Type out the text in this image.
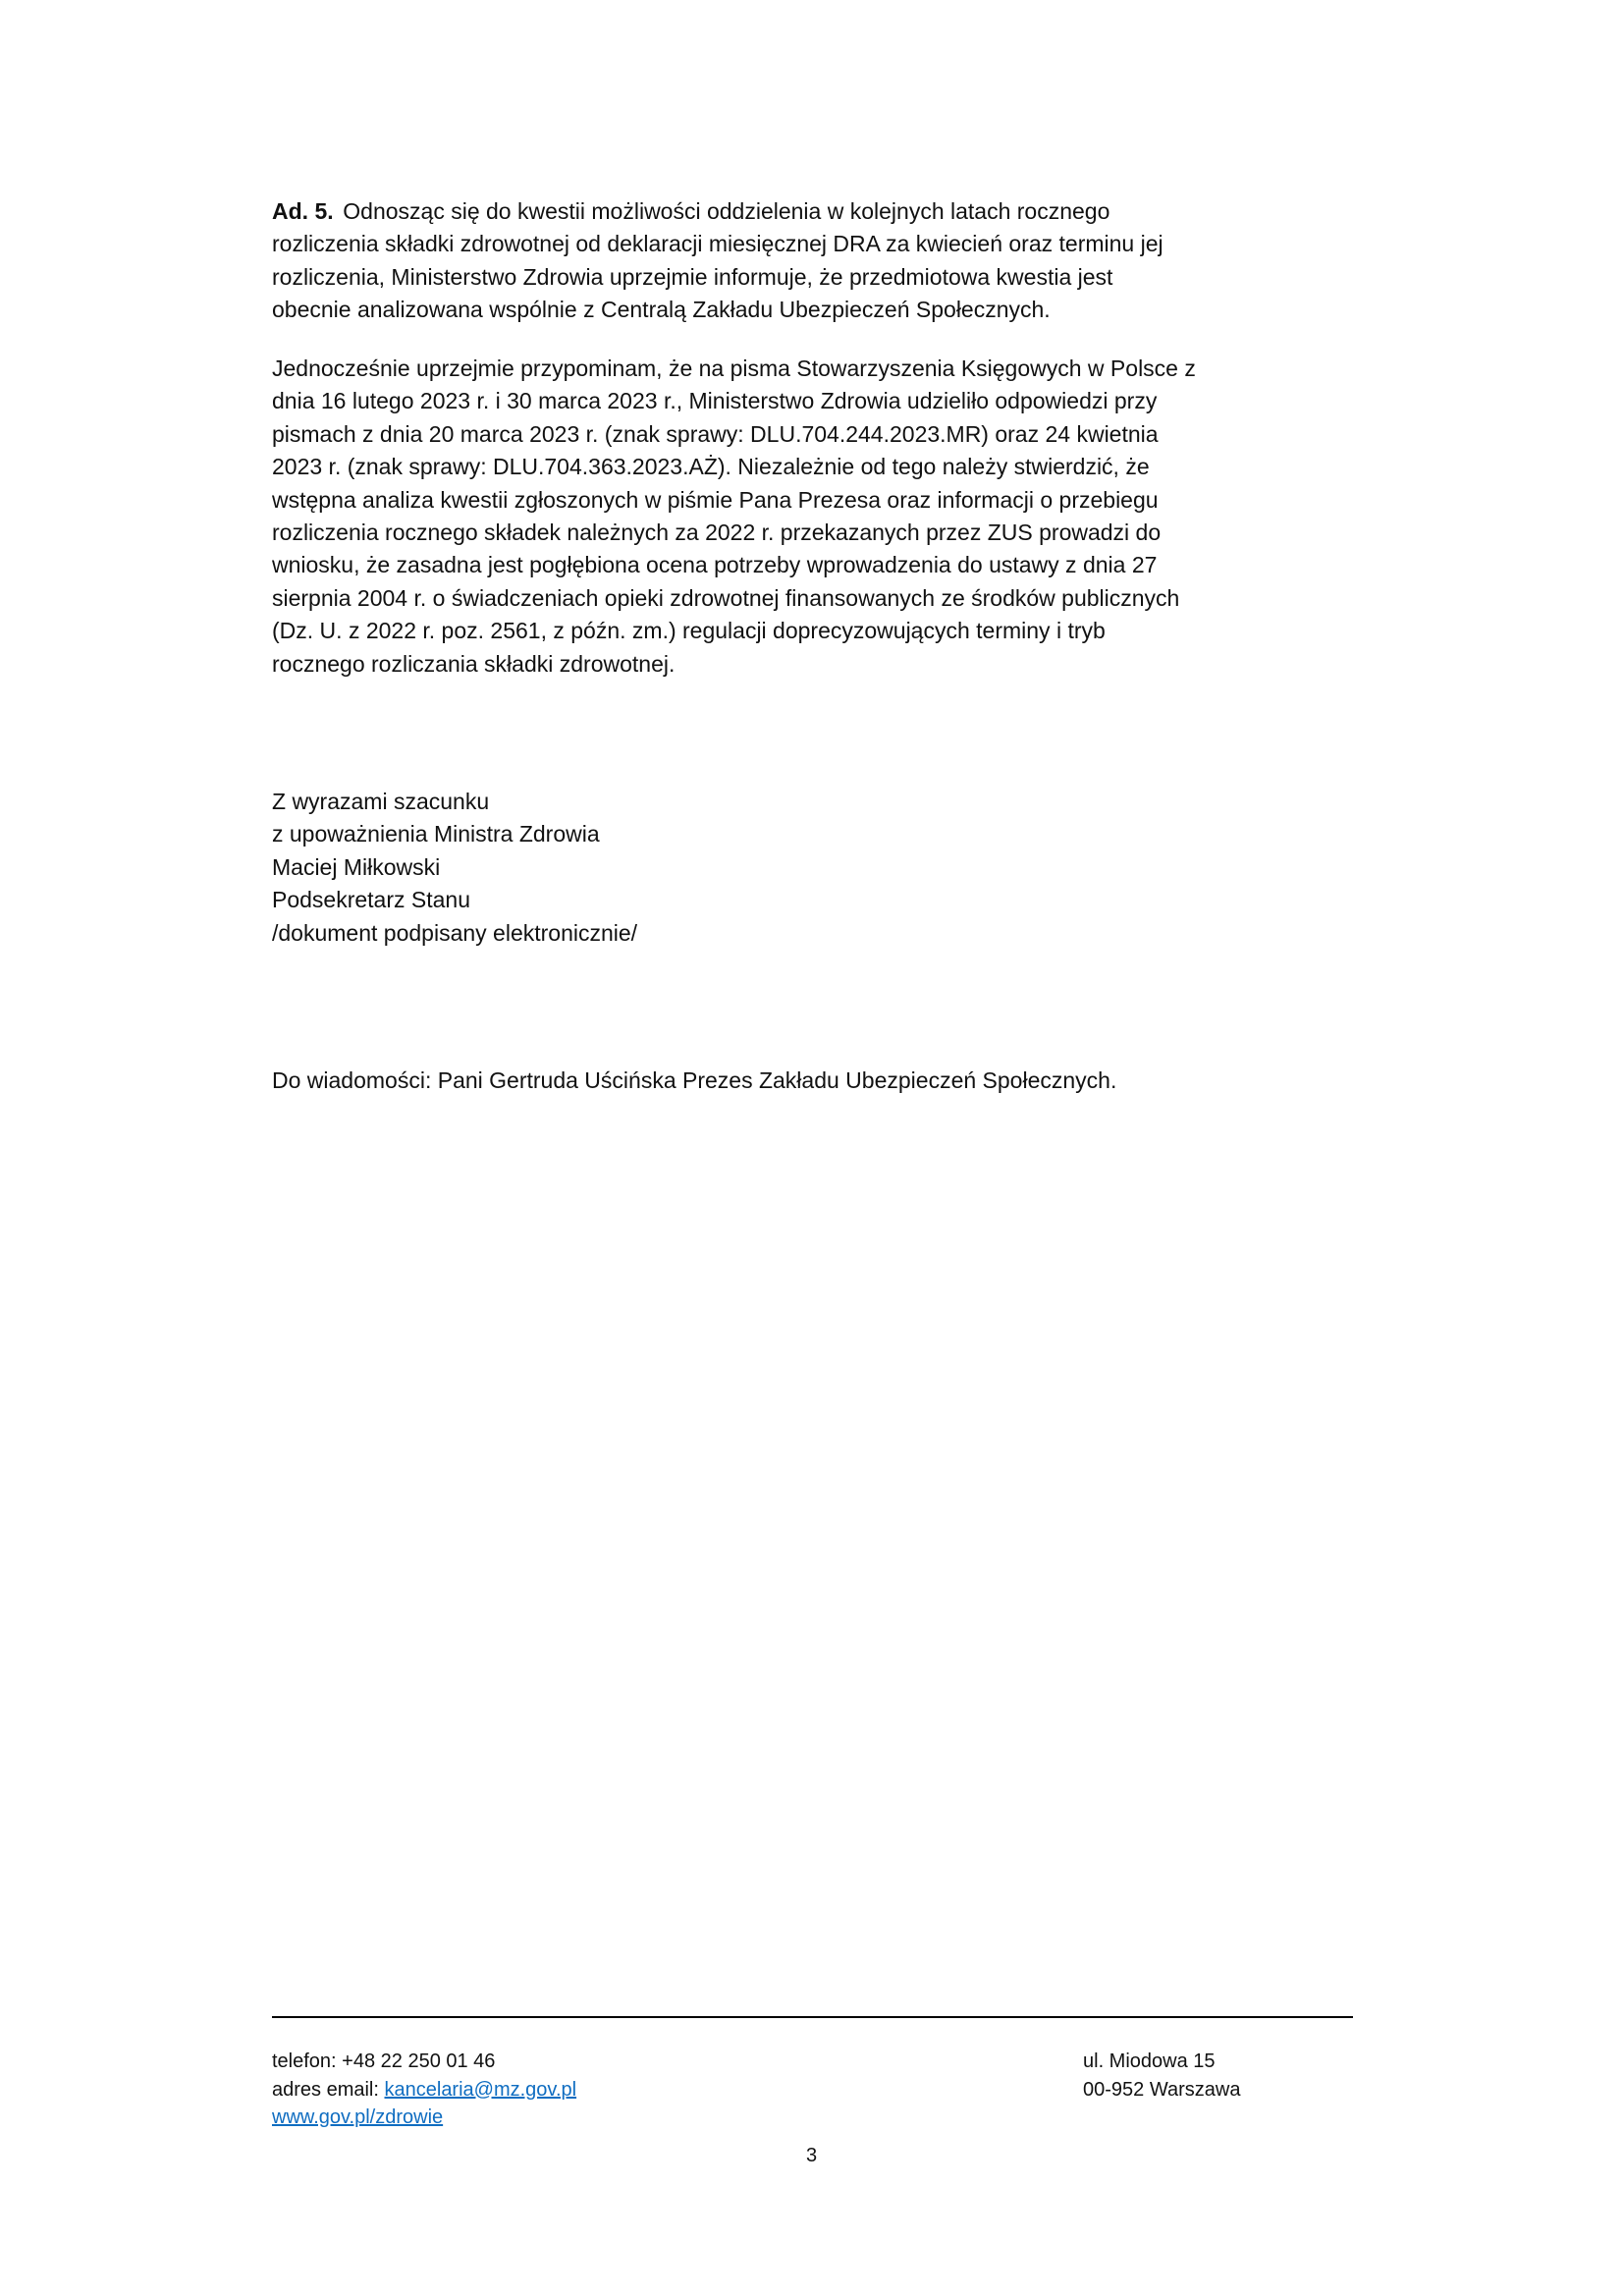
Ad. 5. Odnosząc się do kwestii możliwości oddzielenia w kolejnych latach rocznego
rozliczenia składki zdrowotnej od deklaracji miesięcznej DRA za kwiecień oraz terminu jej
rozliczenia, Ministerstwo Zdrowia uprzejmie informuje, że przedmiotowa kwestia jest
obecnie analizowana wspólnie z Centralą Zakładu Ubezpieczeń Społecznych.
Jednocześnie uprzejmie przypominam, że na pisma Stowarzyszenia Księgowych w Polsce z
dnia 16 lutego 2023 r. i 30 marca 2023 r., Ministerstwo Zdrowia udzieliło odpowiedzi przy
pismach z dnia 20 marca 2023 r. (znak sprawy: DLU.704.244.2023.MR) oraz 24 kwietnia
2023 r. (znak sprawy: DLU.704.363.2023.AŻ). Niezależnie od tego należy stwierdzić, że
wstępna analiza kwestii zgłoszonych w piśmie Pana Prezesa oraz informacji o przebiegu
rozliczenia rocznego składek należnych za 2022 r. przekazanych przez ZUS prowadzi do
wniosku, że zasadna jest pogłębiona ocena potrzeby wprowadzenia do ustawy z dnia 27
sierpnia 2004 r. o świadczeniach opieki zdrowotnej finansowanych ze środków publicznych
(Dz. U. z 2022 r. poz. 2561, z późn. zm.) regulacji doprecyzowujących terminy i tryb
rocznego rozliczania składki zdrowotnej.
Z wyrazami szacunku
z upoważnienia Ministra Zdrowia
Maciej Miłkowski
Podsekretarz Stanu
/dokument podpisany elektronicznie/
Do wiadomości: Pani Gertruda Uścińska Prezes Zakładu Ubezpieczeń Społecznych.
telefon: +48 22 250 01 46
adres email: kancelaria@mz.gov.pl
www.gov.pl/zdrowie
ul. Miodowa 15
00-952 Warszawa
3
